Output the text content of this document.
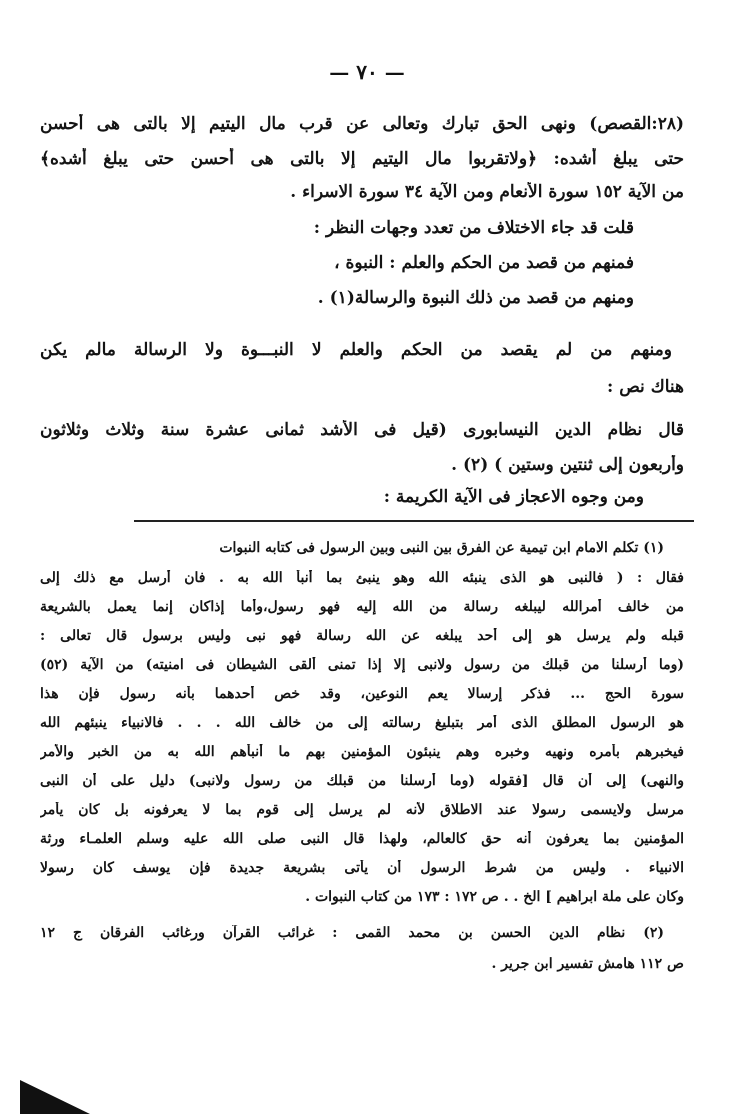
— ٧٠ —
(٢٨:القصص) ونهى الحق تبارك وتعالى عن قرب مال اليتيم إلا بالتى هى أحسن
حتى يبلغ أشده: ﴿ولاتقربوا مال اليتيم إلا بالتى هى أحسن حتى يبلغ أشده﴾
من الآية ١٥٢ سورة الأنعام ومن الآية ٣٤ سورة الاسراء .
قلت قد جاء الاختلاف من تعدد وجهات النظر :
فمنهم من قصد من الحكم والعلم : النبوة ،
ومنهم من قصد من ذلك النبوة والرسالة(١) .
ومنهم من لم يقصد من الحكم والعلم لا النبـــوة ولا الرسالة مالم يكن
هناك نص :
قال نظام الدين النيسابورى (قيل فى الأشد ثمانى عشرة سنة وثلاث وثلاثون
وأربعون إلى ثنتين وستين ) (٢) .
ومن وجوه الاعجاز فى الآية الكريمة :
(١) تكلم الامام ابن تيمية عن الفرق بين النبى وبين الرسول فى كتابه النبوات
فقال : ( فالنبى هو الذى ينبئه الله وهو ينبئ بما أنبأ الله به . فان أرسل مع ذلك إلى
من خالف أمرالله ليبلغه رسالة من الله إليه فهو رسول،وأما إذاكان إنما يعمل بالشريعة
قبله ولم يرسل هو إلى أحد يبلغه عن الله رسالة فهو نبى وليس برسول قال تعالى :
(وما أرسلنا من قبلك من رسول ولانبى إلا إذا تمنى ألقى الشيطان فى امنيته) من الآية (٥٢)
سورة الحج ... فذكر إرسالا يعم النوعين، وقد خص أحدهما بأنه رسول فإن هذا
هو الرسول المطلق الذى أمر بتبليغ رسالته إلى من خالف الله . . . فالانبياء ينبئهم الله
فيخبرهم بأمره ونهيه وخبره وهم ينبئون المؤمنين بهم ما أنبأهم الله به من الخبر والأمر
والنهى) إلى أن قال [فقوله (وما أرسلنا من قبلك من رسول ولانبى) دليل على أن النبى
مرسل ولايسمى رسولا عند الاطلاق لأنه لم يرسل إلى قوم بما لا يعرفونه بل كان يأمر
المؤمنين بما يعرفون أنه حق كالعالم، ولهذا قال النبى صلى الله عليه وسلم العلمـاء ورثة
الانبياء . وليس من شرط الرسول أن يأتى بشريعة جديدة فإن يوسف كان رسولا
وكان على ملة ابراهيم ] الخ . . ص ١٧٢ : ١٧٣ من كتاب النبوات .
(٢) نظام الدين الحسن بن محمد القمى : غرائب القرآن ورغائب الفرقان ج ١٢
ص ١١٢ هامش تفسير ابن جرير .
